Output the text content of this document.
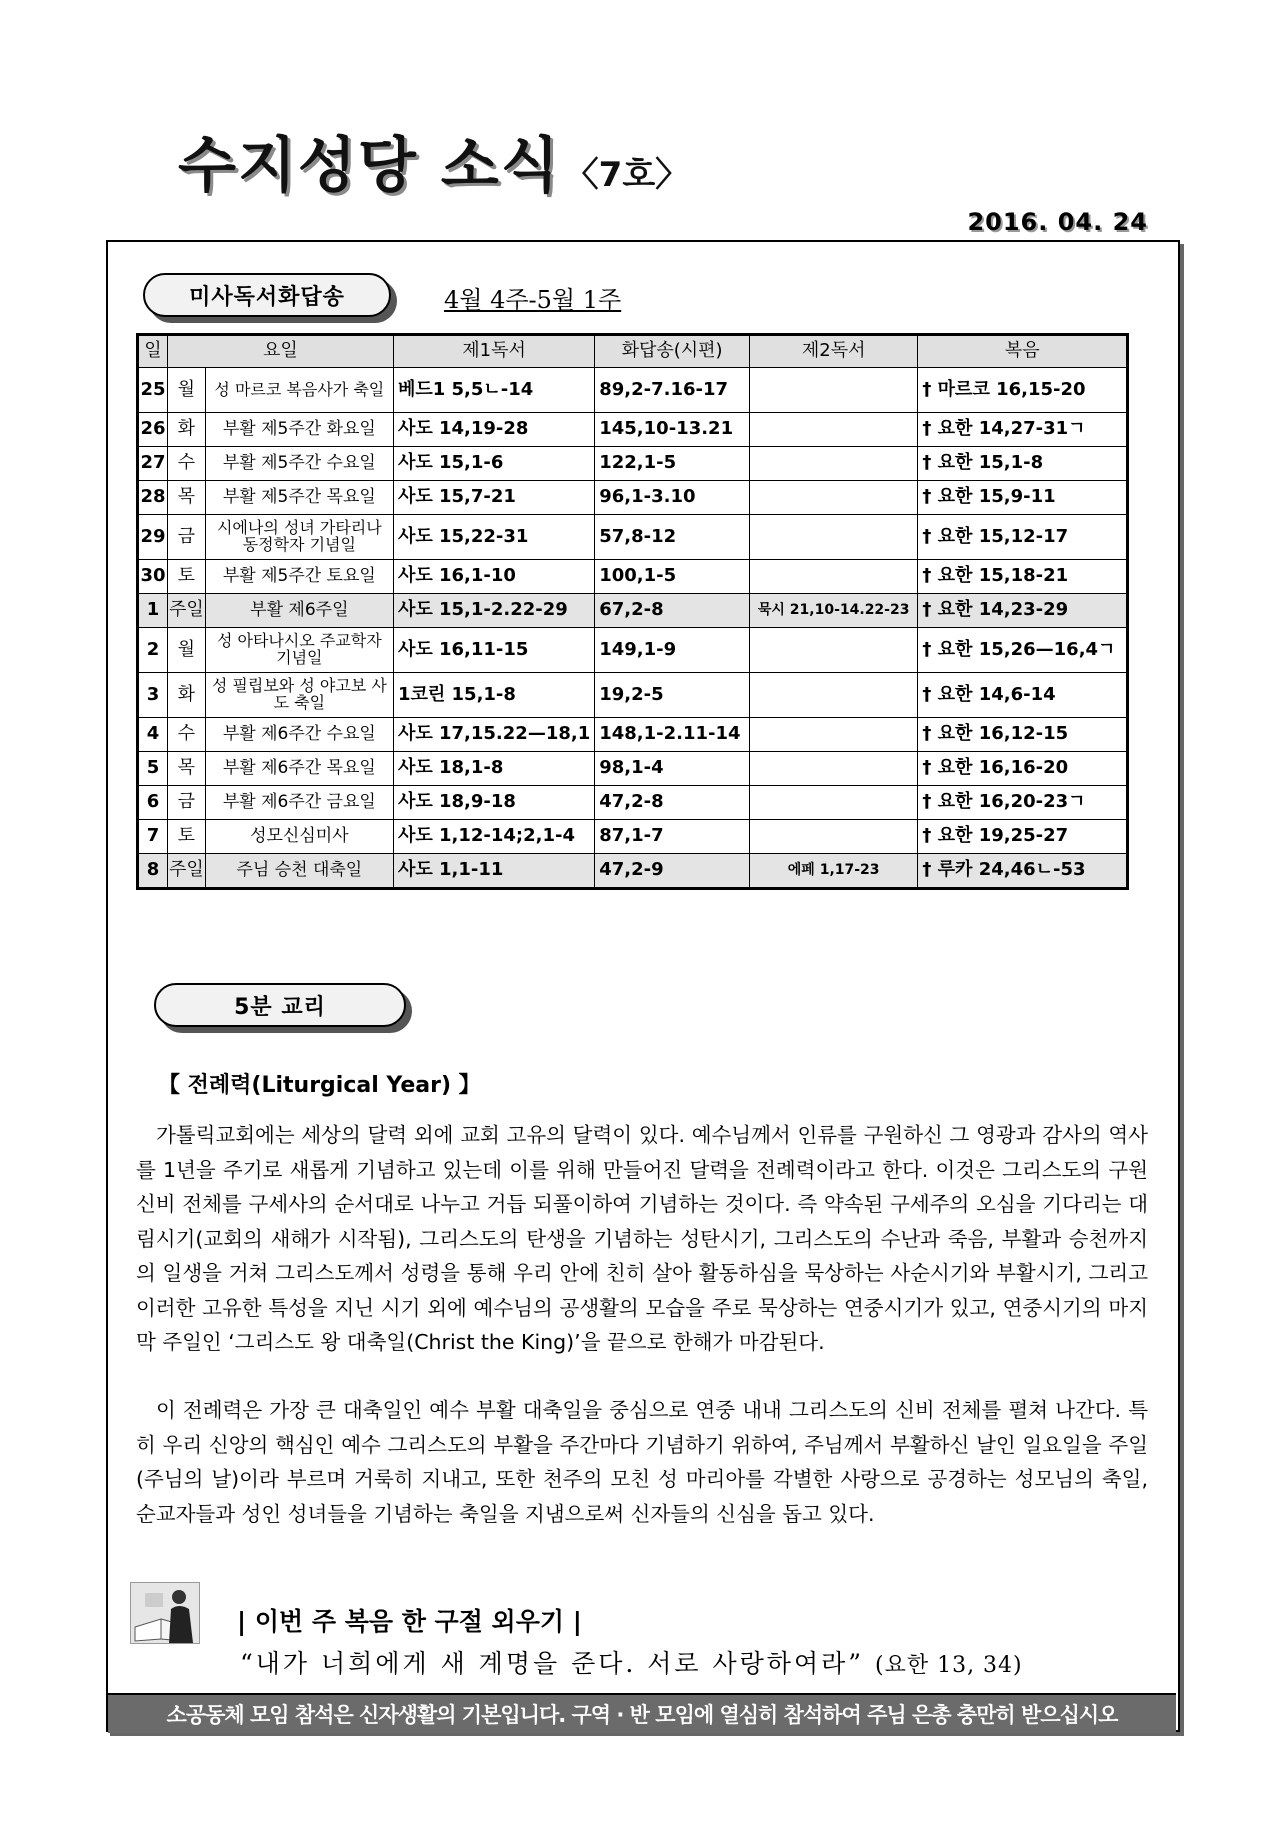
수지성당 소식 〈7호〉
2016. 04. 24
미사독서화답송	4월 4주-5월 1주
일	요일		제1독서	화답송(시편)	제2독서	복음
25	월	성 마르코 복음사가 축일	베드1 5,5ㄴ-14	89,2-7.16-17		† 마르코 16,15-20
26	화	부활 제5주간 화요일	사도 14,19-28	145,10-13.21		† 요한 14,27-31ㄱ
27	수	부활 제5주간 수요일	사도 15,1-6	122,1-5		† 요한 15,1-8
28	목	부활 제5주간 목요일	사도 15,7-21	96,1-3.10		† 요한 15,9-11
29	금	시에나의 성녀 가타리나 동정학자 기념일	사도 15,22-31	57,8-12		† 요한 15,12-17
30	토	부활 제5주간 토요일	사도 16,1-10	100,1-5		† 요한 15,18-21
1	주일	부활 제6주일	사도 15,1-2.22-29	67,2-8	묵시 21,10-14.22-23	† 요한 14,23-29
2	월	성 아타나시오 주교학자 기념일	사도 16,11-15	149,1-9		† 요한 15,26—16,4ㄱ
3	화	성 필립보와 성 야고보 사도 축일	1코린 15,1-8	19,2-5		† 요한 14,6-14
4	수	부활 제6주간 수요일	사도 17,15.22—18,1	148,1-2.11-14		† 요한 16,12-15
5	목	부활 제6주간 목요일	사도 18,1-8	98,1-4		† 요한 16,16-20
6	금	부활 제6주간 금요일	사도 18,9-18	47,2-8		† 요한 16,20-23ㄱ
7	토	성모신심미사	사도 1,12-14;2,1-4	87,1-7		† 요한 19,25-27
8	주일	주님 승천 대축일	사도 1,1-11	47,2-9	에페 1,17-23	† 루카 24,46ㄴ-53
5분 교리
【 전례력(Liturgical Year) 】
가톨릭교회에는 세상의 달력 외에 교회 고유의 달력이 있다. 예수님께서 인류를 구원하신 그 영광과 감사의 역사를 1년을 주기로 새롭게 기념하고 있는데 이를 위해 만들어진 달력을 전례력이라고 한다. 이것은 그리스도의 구원신비 전체를 구세사의 순서대로 나누고 거듭 되풀이하여 기념하는 것이다. 즉 약속된 구세주의 오심을 기다리는 대림시기(교회의 새해가 시작됨), 그리스도의 탄생을 기념하는 성탄시기, 그리스도의 수난과 죽음, 부활과 승천까지의 일생을 거쳐 그리스도께서 성령을 통해 우리 안에 친히 살아 활동하심을 묵상하는 사순시기와 부활시기, 그리고 이러한 고유한 특성을 지닌 시기 외에 예수님의 공생활의 모습을 주로 묵상하는 연중시기가 있고, 연중시기의 마지막 주일인 ‘그리스도 왕 대축일(Christ the King)’을 끝으로 한해가 마감된다.
이 전례력은 가장 큰 대축일인 예수 부활 대축일을 중심으로 연중 내내 그리스도의 신비 전체를 펼쳐 나간다. 특히 우리 신앙의 핵심인 예수 그리스도의 부활을 주간마다 기념하기 위하여, 주님께서 부활하신 날인 일요일을 주일(주님의 날)이라 부르며 거룩히 지내고, 또한 천주의 모친 성 마리아를 각별한 사랑으로 공경하는 성모님의 축일, 순교자들과 성인 성녀들을 기념하는 축일을 지냄으로써 신자들의 신심을 돕고 있다.
| 이번 주 복음 한 구절 외우기 |
“내가 너희에게 새 계명을 준다. 서로 사랑하여라” (요한 13, 34)
소공동체 모임 참석은 신자생활의 기본입니다. 구역 · 반 모임에 열심히 참석하여 주님 은총 충만히 받으십시오
